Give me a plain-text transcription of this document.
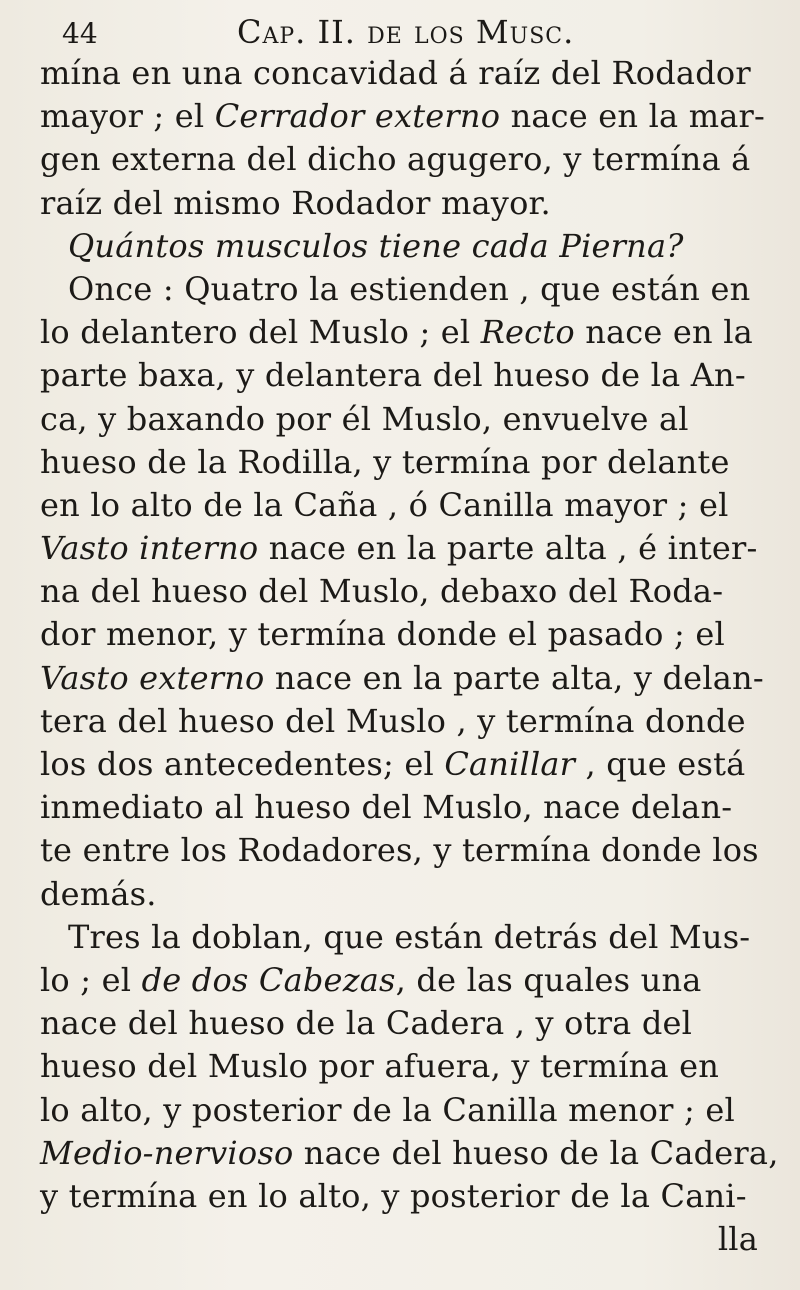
44	Cap. II. de los Musc.
mína en una concavidad á raíz del Rodador
mayor ; el Cerrador externo nace en la mar-
gen externa del dicho agugero, y termína á
raíz del mismo Rodador mayor.
Quántos musculos tiene cada Pierna?
Once : Quatro la estienden , que están en
lo delantero del Muslo ; el Recto nace en la
parte baxa, y delantera del hueso de la An-
ca, y baxando por él Muslo, envuelve al
hueso de la Rodilla, y termína por delante
en lo alto de la Caña , ó Canilla mayor ; el
Vasto interno nace en la parte alta , é inter-
na del hueso del Muslo, debaxo del Roda-
dor menor, y termína donde el pasado ; el
Vasto externo nace en la parte alta, y delan-
tera del hueso del Muslo , y termína donde
los dos antecedentes; el Canillar , que está
inmediato al hueso del Muslo, nace delan-
te entre los Rodadores, y termína donde los
demás.
Tres la doblan, que están detrás del Mus-
lo ; el de dos Cabezas, de las quales una
nace del hueso de la Cadera , y otra del
hueso del Muslo por afuera, y termína en
lo alto, y posterior de la Canilla menor ; el
Medio-nervioso nace del hueso de la Cadera,
y termína en lo alto, y posterior de la Cani-
lla
